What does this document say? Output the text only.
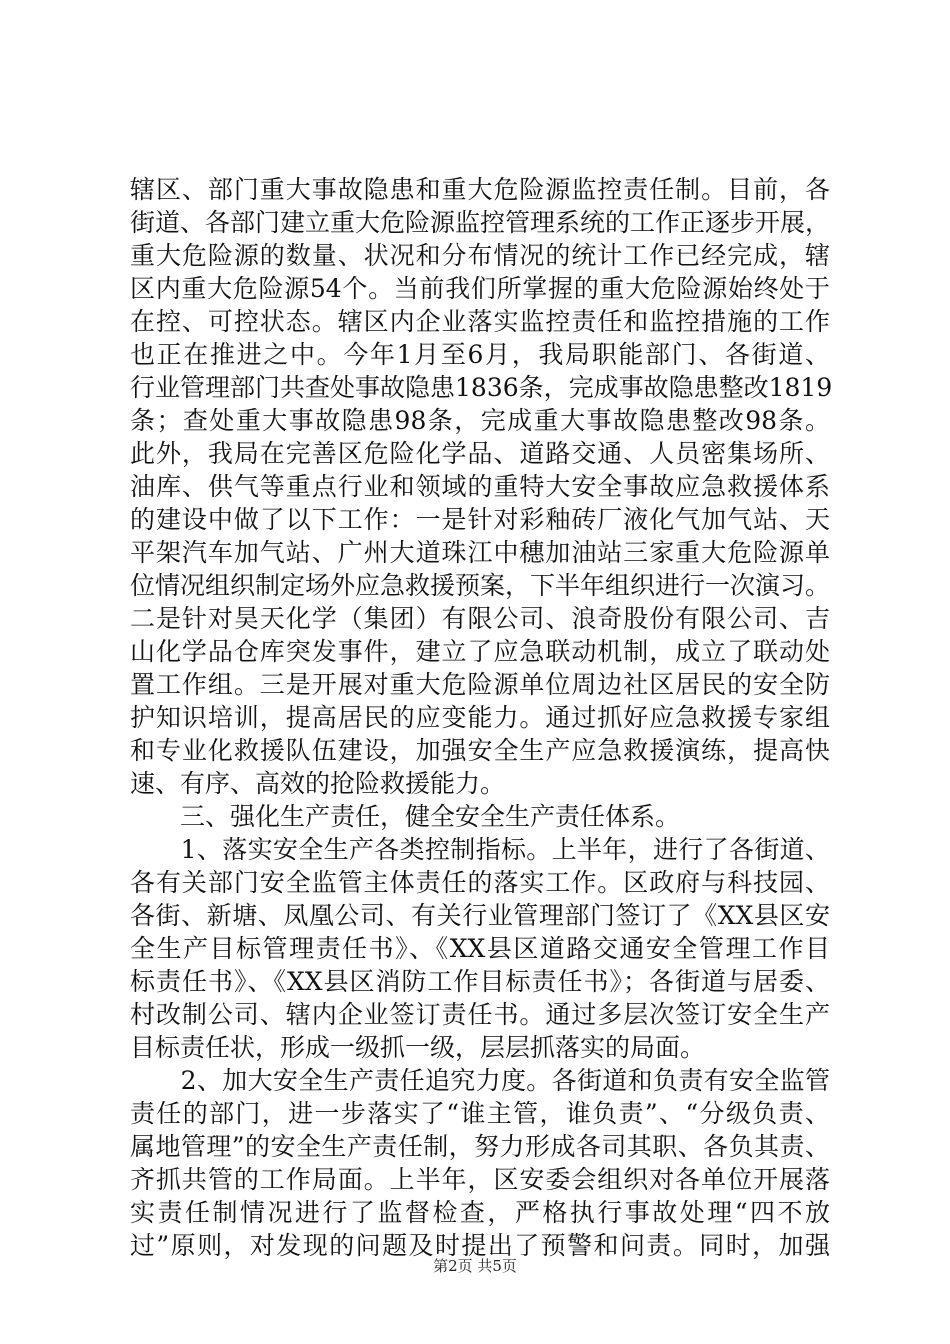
辖区、部门重大事故隐患和重大危险源监控责任制。目前，各
街道、各部门建立重大危险源监控管理系统的工作正逐步开展，
重大危险源的数量、状况和分布情况的统计工作已经完成，辖
区内重大危险源54个。当前我们所掌握的重大危险源始终处于
在控、可控状态。辖区内企业落实监控责任和监控措施的工作
也正在推进之中。今年1月至6月，我局职能部门、各街道、
行业管理部门共查处事故隐患1836条，完成事故隐患整改1819
条；查处重大事故隐患98条，完成重大事故隐患整改98条。
此外，我局在完善区危险化学品、道路交通、人员密集场所、
油库、供气等重点行业和领域的重特大安全事故应急救援体系
的建设中做了以下工作：一是针对彩釉砖厂液化气加气站、天
平架汽车加气站、广州大道珠江中穗加油站三家重大危险源单
位情况组织制定场外应急救援预案，下半年组织进行一次演习。
二是针对昊天化学（集团）有限公司、浪奇股份有限公司、吉
山化学品仓库突发事件，建立了应急联动机制，成立了联动处
置工作组。三是开展对重大危险源单位周边社区居民的安全防
护知识培训，提高居民的应变能力。通过抓好应急救援专家组
和专业化救援队伍建设，加强安全生产应急救援演练，提高快
速、有序、高效的抢险救援能力。
　　三、强化生产责任，健全安全生产责任体系。
　　1、落实安全生产各类控制指标。上半年，进行了各街道、
各有关部门安全监管主体责任的落实工作。区政府与科技园、
各街、新塘、凤凰公司、有关行业管理部门签订了《XX县区安
全生产目标管理责任书》、《XX县区道路交通安全管理工作目
标责任书》、《XX县区消防工作目标责任书》；各街道与居委、
村改制公司、辖内企业签订责任书。通过多层次签订安全生产
目标责任状，形成一级抓一级，层层抓落实的局面。
　　2、加大安全生产责任追究力度。各街道和负责有安全监管
责任的部门，进一步落实了“谁主管，谁负责”、“分级负责、
属地管理”的安全生产责任制，努力形成各司其职、各负其责、
齐抓共管的工作局面。上半年，区安委会组织对各单位开展落
实责任制情况进行了监督检查，严格执行事故处理“四不放
过”原则，对发现的问题及时提出了预警和问责。同时，加强
第2页 共5页
